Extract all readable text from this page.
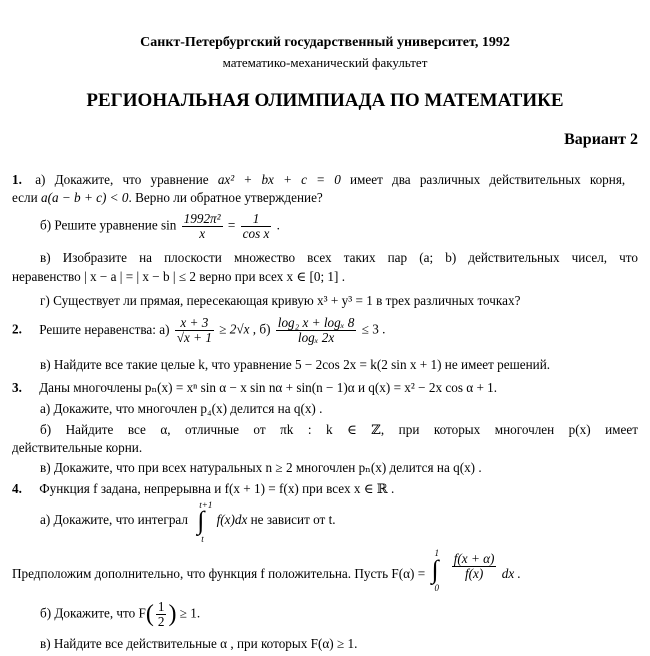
Санкт-Петербургский государственный университет, 1992
математико-механический факультет
РЕГИОНАЛЬНАЯ ОЛИМПИАДА ПО МАТЕМАТИКЕ
Вариант 2
1. а) Докажите, что уравнение ax² + bx + c = 0 имеет два различных действительных корня,
если a(a − b + c) < 0. Верно ли обратное утверждение?
б) Решите уравнение $\sin \frac{\text{1992π²}}{x} = \frac{1}{\text{cos x}}$ .
в) Изобразите на плоскости множество всех таких пар (a; b) действительных чисел, что
неравенство | x − a | = | x − b | ≤ 2 верно при всех x ∈ [0; 1] .
г) Существует ли прямая, пересекающая кривую x³ + y³ = 1 в трех различных точках?
2. Решите неравенства: $а) \frac{x + 3}{√x + 1} \ge 2√x$ , $б) \frac{\text{log₂ x + logₓ 8}}{\text{logₓ 2x}} \le 3$ .
в) Найдите все такие целые k, что уравнение 5 − 2cos 2x = k(2 sin x + 1) не имеет решений.
3. Даны многочлены pₙ(x) = xⁿ sin α − x sin nα + sin(n − 1)α и q(x) = x² − 2x cos α + 1.
а) Докажите, что многочлен p₄(x) делится на q(x) .
б) Найдите все α, отличные от πk : k ∈ ℤ, при которых многочлен p(x) имеет
действительные корни.
в) Докажите, что при всех натуральных n ≥ 2 многочлен pₙ(x) делится на q(x) .
4. Функция f задана, непрерывна и f(x + 1) = f(x) при всех x ∈ ℝ .
а) Докажите, что интеграл
t+1
∫
t
f(x)dx не зависит от t.
Предположим дополнительно, что функция f положительна. Пусть F(α) =
1
∫
0

$\frac{f(x + \alpha)}{f(x)}$ dx .
б) Докажите, что $F( \frac{1}{2}$ ) ≥ 1.
в) Найдите все действительные α , при которых F(α) ≥ 1.
